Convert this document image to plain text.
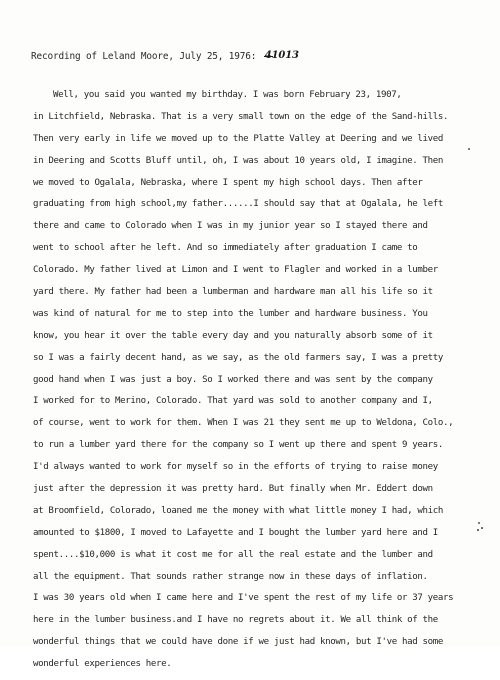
Recording of Leland Moore, July 25, 1976: 41013
Well, you said you wanted my birthday. I was born February 23, 1907,
in Litchfield, Nebraska. That is a very small town on the edge of the Sand-hills.
Then very early in life we moved up to the Platte Valley at Deering and we lived
in Deering and Scotts Bluff until, oh, I was about 10 years old, I imagine. Then
we moved to Ogalala, Nebraska, where I spent my high school days. Then after
graduating from high school,my father......I should say that at Ogalala, he left
there and came to Colorado when I was in my junior year so I stayed there and
went to school after he left. And so immediately after graduation I came to
Colorado. My father lived at Limon and I went to Flagler and worked in a lumber
yard there. My father had been a lumberman and hardware man all his life so it
was kind of natural for me to step into the lumber and hardware business. You
know, you hear it over the table every day and you naturally absorb some of it
so I was a fairly decent hand, as we say, as the old farmers say, I was a pretty
good hand when I was just a boy. So I worked there and was sent by the company
I worked for to Merino, Colorado. That yard was sold to another company and I,
of course, went to work for them. When I was 21 they sent me up to Weldona, Colo.,
to run a lumber yard there for the company so I went up there and spent 9 years.
I'd always wanted to work for myself so in the efforts of trying to raise money
just after the depression it was pretty hard. But finally when Mr. Eddert down
at Broomfield, Colorado, loaned me the money with what little money I had, which
amounted to $1800, I moved to Lafayette and I bought the lumber yard here and I
spent....$10,000 is what it cost me for all the real estate and the lumber and
all the equipment. That sounds rather strange now in these days of inflation.
I was 30 years old when I came here and I've spent the rest of my life or 37 years
here in the lumber business.and I have no regrets about it. We all think of the
wonderful things that we could have done if we just had known, but I've had some
wonderful experiences here.
